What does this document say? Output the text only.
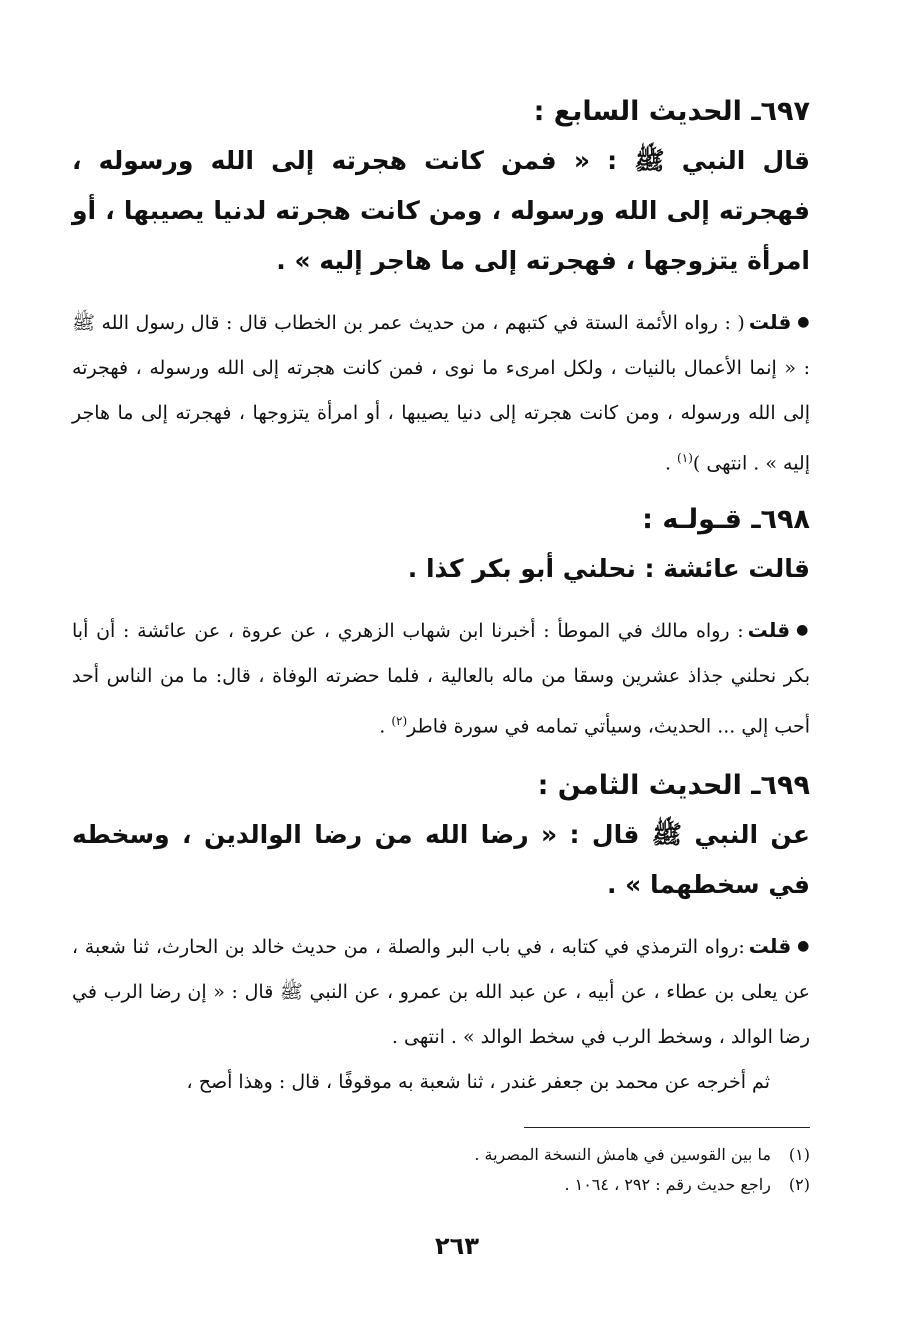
٦٩٧ـ الحديث السابع :

قال النبي ﷺ : « فمن كانت هجرته إلى الله ورسوله ، فهجرته إلى الله ورسوله ، ومن كانت هجرته لدنيا يصيبها ، أو امرأة يتزوجها ، فهجرته إلى ما هاجر إليه » .

●قلت( : رواه الأئمة الستة في كتبهم ، من حديث عمر بن الخطاب قال : قال رسول الله ﷺ : « إنما الأعمال بالنيات ، ولكل امرىء ما نوى ، فمن كانت هجرته إلى الله ورسوله ، فهجرته إلى الله ورسوله ، ومن كانت هجرته إلى دنيا يصيبها ، أو امرأة يتزوجها ، فهجرته إلى ما هاجر إليه » . انتهى )$^{(١)}$ .

٦٩٨ـ قـولـه :

قالت عائشة : نحلني أبو بكر كذا .

●قلت: رواه مالك في الموطأ : أخبرنا ابن شهاب الزهري ، عن عروة ، عن عائشة : أن أبا بكر نحلني جذاذ عشرين وسقا من ماله بالعالية ، فلما حضرته الوفاة ، قال: ما من الناس أحد أحب إلي ... الحديث، وسيأتي تمامه في سورة فاطر$^{(٢)}$ .

٦٩٩ـ الحديث الثامن :

عن النبي ﷺ قال : « رضا الله من رضا الوالدين ، وسخطه في سخطهما » .

●قلت:رواه الترمذي في كتابه ، في باب البر والصلة ، من حديث خالد بن الحارث، ثنا شعبة ، عن يعلى بن عطاء ، عن أبيه ، عن عبد الله بن عمرو ، عن النبي ﷺ قال : « إن رضا الرب في رضا الوالد ، وسخط الرب في سخط الوالد » . انتهى .

ثم أخرجه عن محمد بن جعفر غندر ، ثنا شعبة به موقوفًا ، قال : وهذا أصح ،

(١) ما بين القوسين في هامش النسخة المصرية .
(٢) راجع حديث رقم : ٢٩٢ ، ١٠٦٤ .
٢٦٣
